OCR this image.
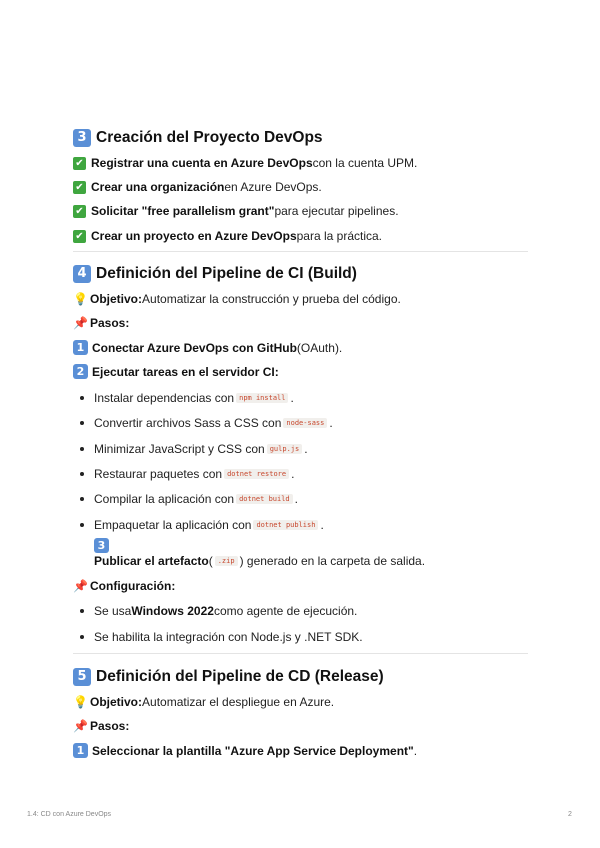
3 Creación del Proyecto DevOps
✔ Registrar una cuenta en Azure DevOps con la cuenta UPM.
✔ Crear una organización en Azure DevOps.
✔ Solicitar "free parallelism grant" para ejecutar pipelines.
✔ Crear un proyecto en Azure DevOps para la práctica.
4 Definición del Pipeline de CI (Build)
💡 Objetivo: Automatizar la construcción y prueba del código.
📌 Pasos:
1 Conectar Azure DevOps con GitHub (OAuth).
2 Ejecutar tareas en el servidor CI:
Instalar dependencias con npm install .
Convertir archivos Sass a CSS con node-sass .
Minimizar JavaScript y CSS con gulp.js .
Restaurar paquetes con dotnet restore .
Compilar la aplicación con dotnet build .
Empaquetar la aplicación con dotnet publish .
3
Publicar el artefacto ( .zip ) generado en la carpeta de salida.
📌 Configuración:
Se usa Windows 2022 como agente de ejecución.
Se habilita la integración con Node.js y .NET SDK.
5 Definición del Pipeline de CD (Release)
💡 Objetivo: Automatizar el despliegue en Azure.
📌 Pasos:
1 Seleccionar la plantilla "Azure App Service Deployment" .
1.4: CD con Azure DevOps	2
